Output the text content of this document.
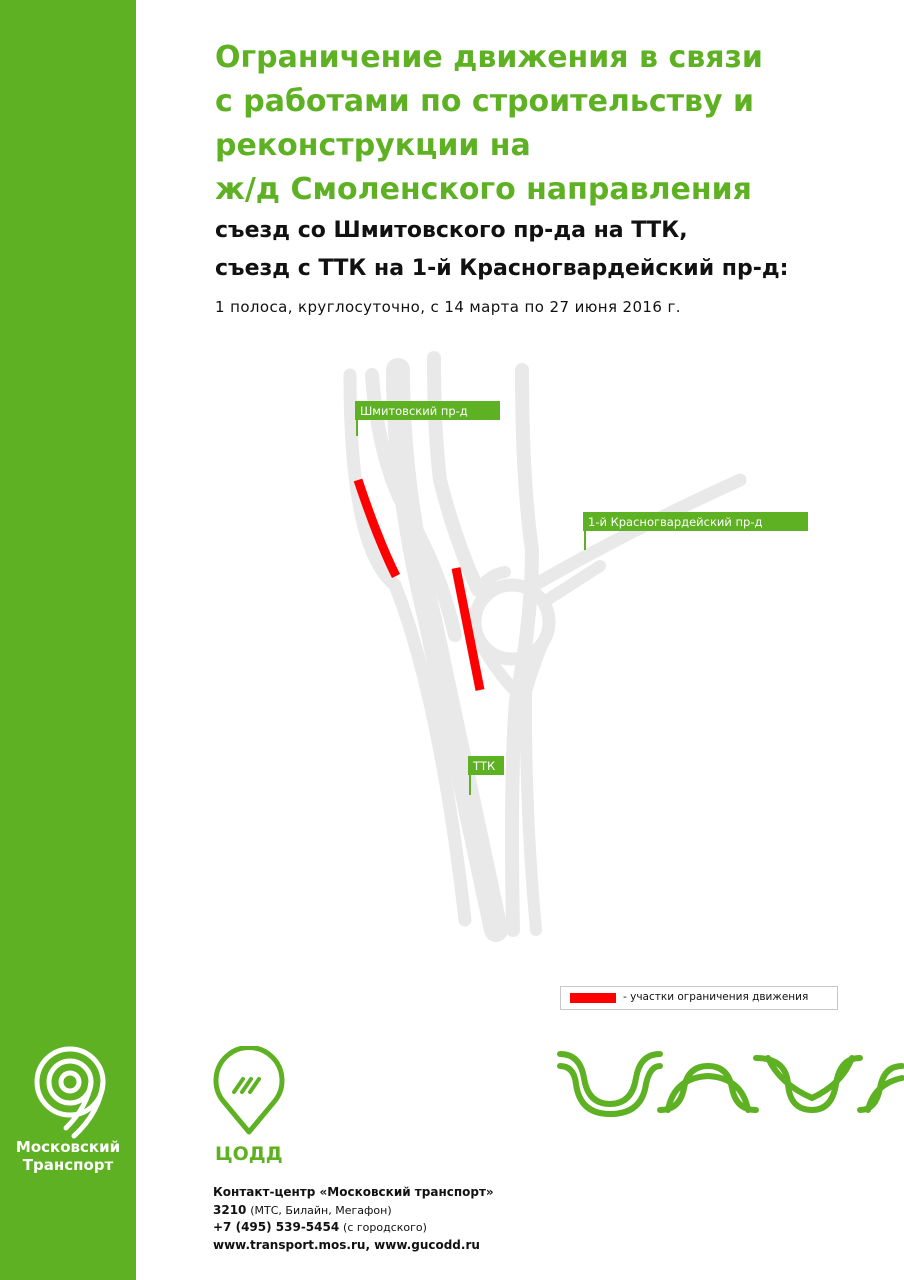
Московский
Транспорт
Ограничение движения в связи
с работами по строительству и
реконструкции на
ж/д Смоленского направления
съезд со Шмитовского пр-да на ТТК,
съезд с ТТК на 1-й Красногвардейский пр-д:
1 полоса, круглосуточно, с 14 марта по 27 июня 2016 г.
Шмитовский пр-д
1-й Красногвардейский пр-д
ТТК
- участки ограничения движения
ЦОДД
Контакт-центр «Московский транспорт»
3210 (МТС, Билайн, Мегафон)
+7 (495) 539-5454 (с городского)
www.transport.mos.ru, www.gucodd.ru
